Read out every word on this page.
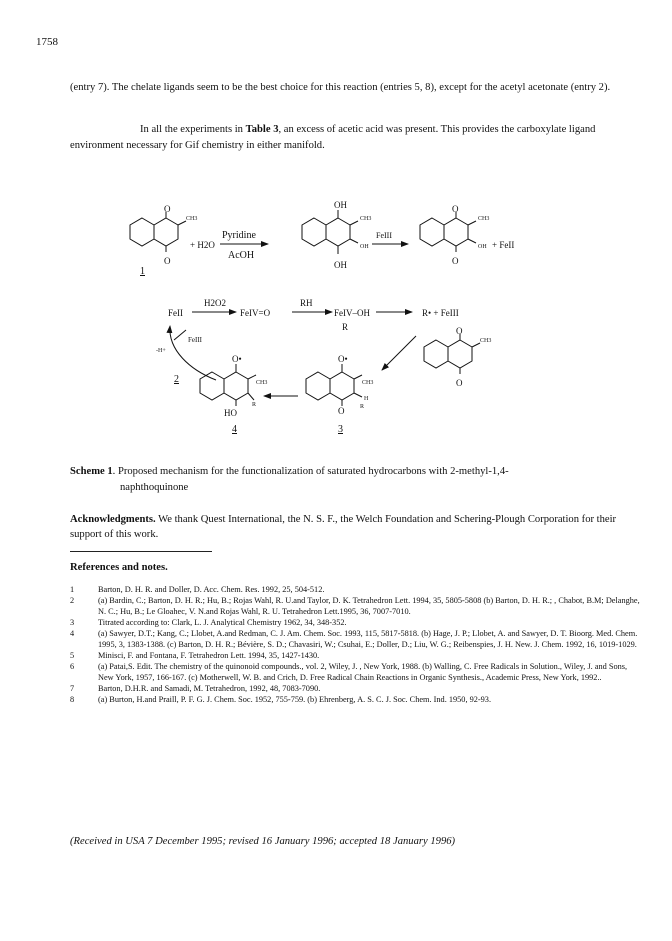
1758
(entry 7). The chelate ligands seem to be the best choice for this reaction (entries 5, 8), except for the acetyl acetonate (entry 2).
In all the experiments in Table 3, an excess of acetic acid was present. This provides the carboxylate ligand environment necessary for Gif chemistry in either manifold.
O
CH3
O
+ H2O
Pyridine
AcOH
1
OH
CH3
OH
OH
FeIII
O
CH3
OH
O
+ FeII
FeII
H2O2
FeIV=O
RH
FeIV–OH
R
R• + FeIII
-H+
FeIII
2
O•
CH3
R
HO
4
O•
CH3
H
R
O
3
O
CH3
O
Scheme 1. Proposed mechanism for the functionalization of saturated hydrocarbons with 2-methyl-1,4-
naphthoquinone
Acknowledgments. We thank Quest International, the N. S. F., the Welch Foundation and Schering-Plough Corporation for their support of this work.
References and notes.
1	Barton, D. H. R. and Doller, D. Acc. Chem. Res. 1992, 25, 504-512.
2	(a) Bardin, C.; Barton, D. H. R.; Hu, B.; Rojas Wahl, R. U.and Taylor, D. K. Tetrahedron Lett. 1994, 35, 5805-5808 (b) Barton, D. H. R.; , Chabot, B.M; Delanghe, N. C.; Hu, B.; Le Gloahec, V. N.and Rojas Wahl, R. U. Tetrahedron Lett.1995, 36, 7007-7010.
3	Titrated according to: Clark, L. J. Analytical Chemistry 1962, 34, 348-352.
4	(a) Sawyer, D.T.; Kang, C.; Llobet, A.and Redman, C. J. Am. Chem. Soc. 1993, 115, 5817-5818. (b) Hage, J. P.; Llobet, A. and Sawyer, D. T. Bioorg. Med. Chem. 1995, 3, 1383-1388. (c) Barton, D. H. R.; Bévière, S. D.; Chavasiri, W.; Csuhai, E.; Doller, D.; Liu, W. G.; Reibenspies, J. H. New. J. Chem. 1992, 16, 1019-1029.
5	Minisci, F. and Fontana, F. Tetrahedron Lett. 1994, 35, 1427-1430.
6	(a) Patai,S. Edit. The chemistry of the quinonoid compounds., vol. 2, Wiley, J. , New York, 1988. (b) Walling, C. Free Radicals in Solution., Wiley, J. and Sons, New York, 1957, 166-167. (c) Motherwell, W. B. and Crich, D. Free Radical Chain Reactions in Organic Synthesis., Academic Press, New York, 1992..
7	Barton, D.H.R. and Samadi, M. Tetrahedron, 1992, 48, 7083-7090.
8	(a) Burton, H.and Praill, P. F. G. J. Chem. Soc. 1952, 755-759. (b) Ehrenberg, A. S. C. J. Soc. Chem. Ind. 1950, 92-93.
(Received in USA 7 December 1995; revised 16 January 1996; accepted 18 January 1996)
